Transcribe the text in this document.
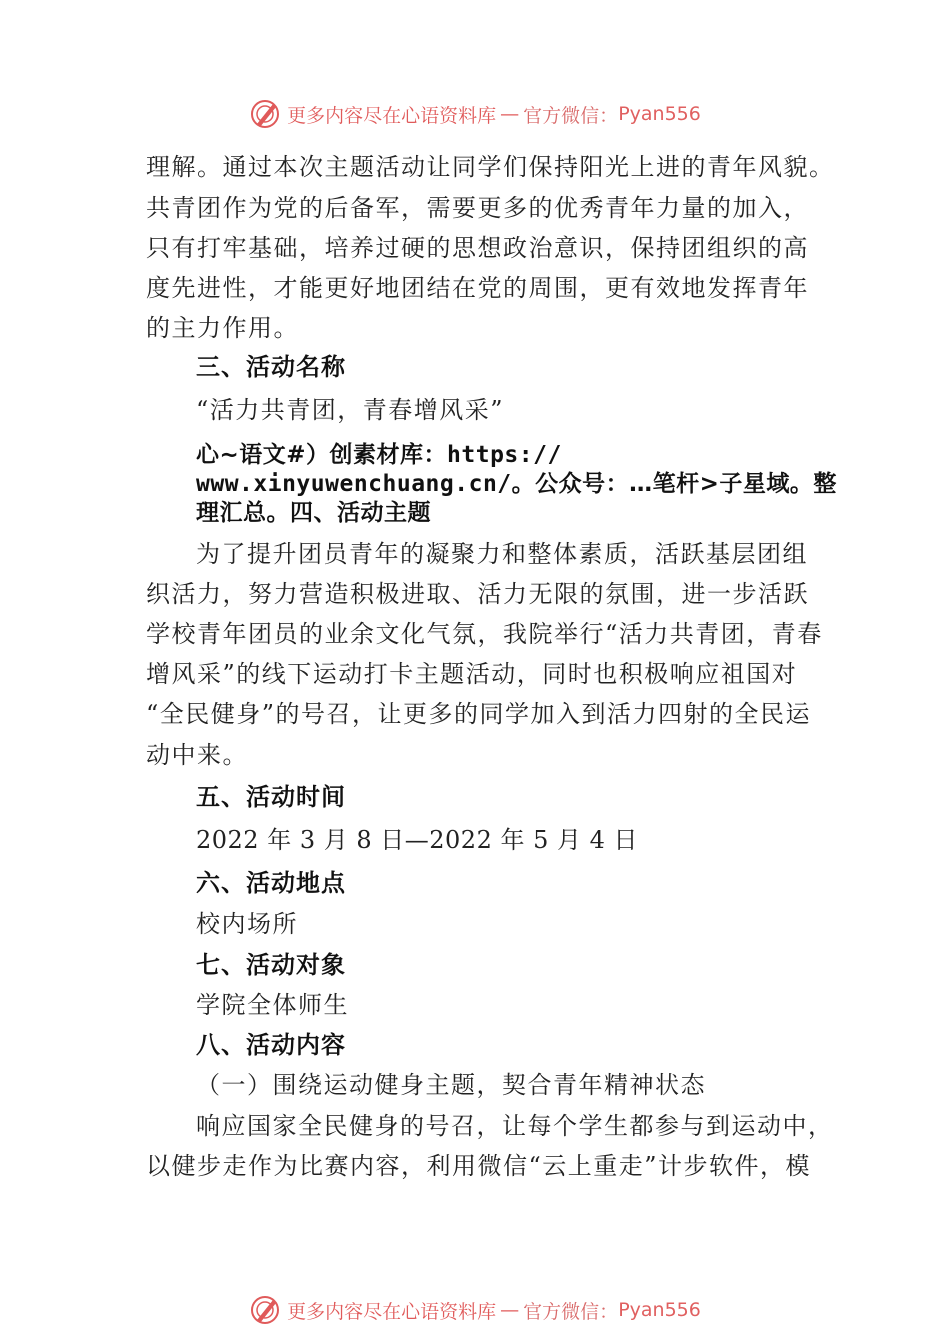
更多内容尽在心语资料库 — 官方微信： Pyan556
理解。通过本次主题活动让同学们保持阳光上进的青年风貌。
共青团作为党的后备军，需要更多的优秀青年力量的加入，
只有打牢基础，培养过硬的思想政治意识，保持团组织的高
度先进性，才能更好地团结在党的周围，更有效地发挥青年
的主力作用。
三、活动名称
“活力共青团，青春增风采”
心~语文#）创素材库：https://
www.xinyuwenchuang.cn/。公众号：…笔杆>子星域。整
理汇总。四、活动主题
为了提升团员青年的凝聚力和整体素质，活跃基层团组
织活力，努力营造积极进取、活力无限的氛围，进一步活跃
学校青年团员的业余文化气氛，我院举行“活力共青团，青春
增风采”的线下运动打卡主题活动，同时也积极响应祖国对
“全民健身”的号召，让更多的同学加入到活力四射的全民运
动中来。
五、活动时间
2022 年 3 月 8 日—2022 年 5 月 4 日
六、活动地点
校内场所
七、活动对象
学院全体师生
八、活动内容
（一）围绕运动健身主题，契合青年精神状态
响应国家全民健身的号召，让每个学生都参与到运动中，
以健步走作为比赛内容，利用微信“云上重走”计步软件，模
更多内容尽在心语资料库 — 官方微信： Pyan556
